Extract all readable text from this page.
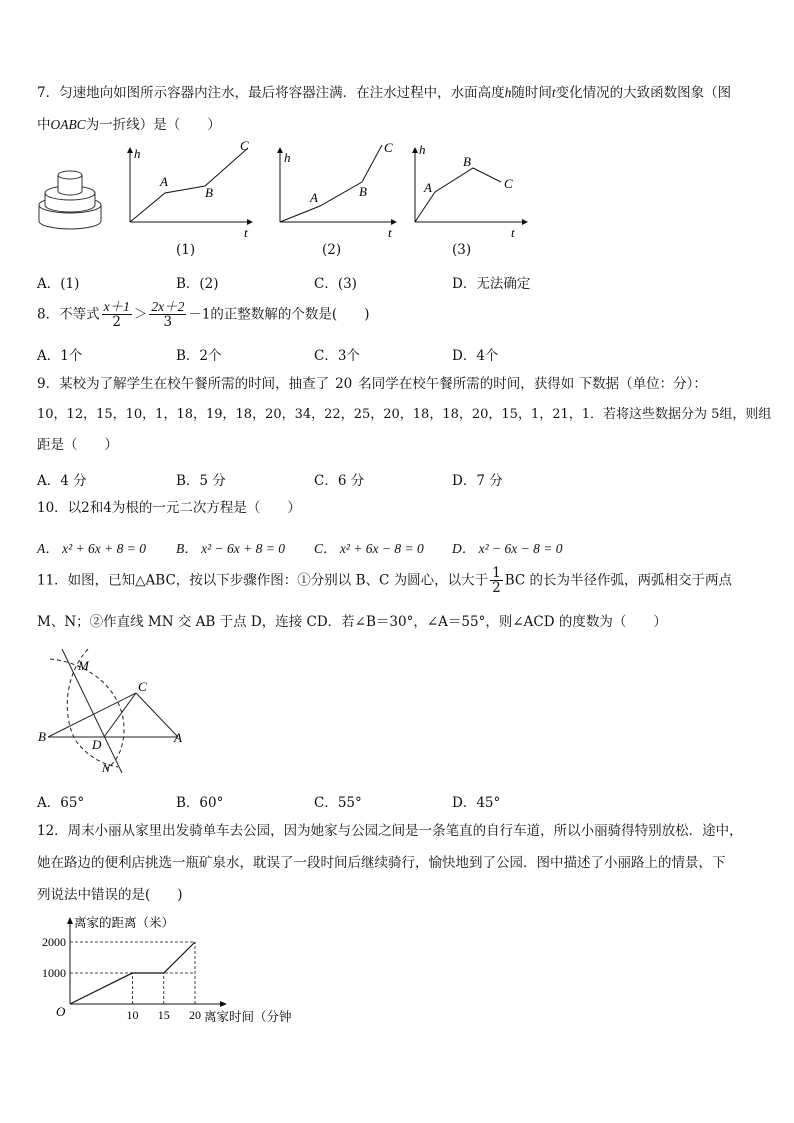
7．匀速地向如图所示容器内注水，最后将容器注满．在注水过程中，水面高度h随时间t变化情况的大致函数图象（图
中OABC为一折线）是（　　）
h
t
A
B
C
(1)
h
t
A	B
C
(2)
h
t
A
B
C
(3)
A．(1)	B．(2)	C．(3)	D．无法确定
8．不等式 $\frac{x+1}{2} > \frac{2x+2}{3} -1$的正整数解的个数是(　　)
A．1个	B．2个	C．3个	D．4个
9．某校为了解学生在校午餐所需的时间，抽查了 20 名同学在校午餐所需的时间，获得如 下数据（单位：分）：
10，12，15，10，1，18，19，18，20，34，22，25，20，18，18，20，15，1，21，1．若将这些数据分为 5组，则组
距是（　　）
A．4 分	B．5 分	C．6 分	D．7 分
10．以2和4为根的一元二次方程是（　　）
A． x² + 6x + 8 = 0 B． x² − 6x + 8 = 0 C． x² + 6x − 8 = 0 D． x² − 6x − 8 = 0
11．如图，已知△ABC，按以下步骤作图：①分别以 B、C 为圆心，以大于 $\frac{1}{2}$ BC 的长为半径作弧，两弧相交于两点
M、N；②作直线 MN 交 AB 于点 D，连接 CD．若∠B＝30°，∠A＝55°，则∠ACD 的度数为（　　）
M
C
B
D	A
N
A．65°	B．60°	C．55°	D．45°
12．周末小丽从家里出发骑单车去公园，因为她家与公园之间是一条笔直的自行车道，所以小丽骑得特别放松．途中，
她在路边的便利店挑选一瓶矿泉水，耽误了一段时间后继续骑行，愉快地到了公园．图中描述了小丽路上的情景，下
列说法中错误的是(　　)
离家的距离（米）
离家时间（分钟
O
1000
2000
10 15 20
